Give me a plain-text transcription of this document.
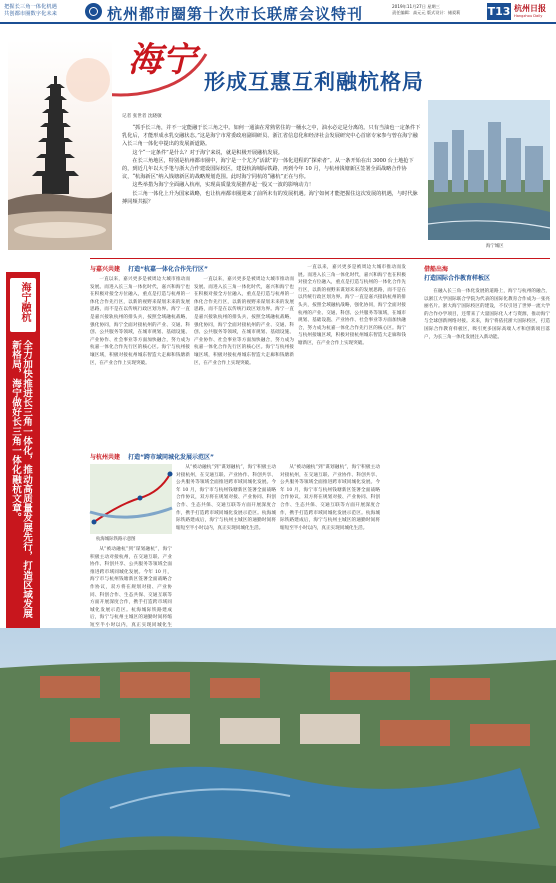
把握长三角一体化机遇
共创都市圈数字化未来	杭州都市圈第十次市长联席会议特刊	2019年11月27日 星期三
责任编辑：高元元 版式设计：储爱莉	T13 杭州日报
Hangzhou Daily
海宁
形成互惠互利融杭格局
记者 张世者 沈晓敏

“抓手长三角，并不一定能融于长三角之中。如何一通油在常熟常住的一桶水之中，油水必定是分离的。只有当油也一定条件下乳化后，才能形成水乳交融状态。”这是海宁市常委政府副调研员、浙江省信息化和经济社会发展研究中心首席专家参与曾在海宁融入长三角一体化中提出的发展新道路。

这个“一定条件”是什么？对于海宁来说，就是积极开展融杭发展。

在长三角地区，特别是杭州都市圈中，海宁是一个尤为“活跃”的一体化进程的“探索者”。从一条开始在出 3000 台土地抢下的，到近几年以大手笔与浙大合作建设国际校区，建设杭海城际铁路，再到今年 10 月，与杭州钱塘新区签署全面战略合作协议，“杭海新区”纳入钱塘新区的战略规划范围。此时海宁同杭的“融杭”正在与你。

这些举措为海宁全面融入杭州，实现高质量发展推荐起一股又一波的影响动力！

长三角一体化上升为国家战略，也让杭州都市圈迎来了前所未有的发展机遇。海宁如何才能把握住这次发展的机遇，与时代脉搏同频共振？

海宁城区
海宁融杭
全力加快推进长三角一体化，推动高质量发展先行，打造区域发展新格局，海宁做好长三角一体化融杭文章。
与嘉兴共建 打造“杭嘉一体化合作先行区”

一直以来，嘉兴更多是被周边大城市推动而发展。而进入长三角一体化时代，嘉兴和海宁也在积极对接全方位融入，重点是打造与杭州的一体化合作先行区，以新的视野来谋划未来的发展思路，而不是在以传统行政区划为界。海宁一直是嘉兴接轨杭州的排头兵，按照全域融杭战略，强化协同，海宁全面对接杭州的产业、交通、科创、公共服务等领域，在城市规划、基础设施、产业协作、社会事业等方面加快融合，努力成为杭嘉一体化合作先行区的核心区。海宁与杭州接壤区域，积极对接杭州城东智造大走廊和钱塘新区，在产业合作上实现突破。

一直以来，嘉兴更多是被周边大城市推动而发展。而进入长三角一体化时代，嘉兴和海宁也在积极对接全方位融入，重点是打造与杭州的一体化合作先行区，以新的视野来谋划未来的发展思路，而不是在以传统行政区划为界。海宁一直是嘉兴接轨杭州的排头兵，按照全域融杭战略，强化协同，海宁全面对接杭州的产业、交通、科创、公共服务等领域，在城市规划、基础设施、产业协作、社会事业等方面加快融合，努力成为杭嘉一体化合作先行区的核心区。海宁与杭州接壤区域，积极对接杭州城东智造大走廊和钱塘新区，在产业合作上实现突破。

一直以来，嘉兴更多是被周边大城市推动而发展。而进入长三角一体化时代，嘉兴和海宁也在积极对接全方位融入，重点是打造与杭州的一体化合作先行区，以新的视野来谋划未来的发展思路，而不是在以传统行政区划为界。海宁一直是嘉兴接轨杭州的排头兵，按照全域融杭战略，强化协同，海宁全面对接杭州的产业、交通、科创、公共服务等领域，在城市规划、基础设施、产业协作、社会事业等方面加快融合，努力成为杭嘉一体化合作先行区的核心区。海宁与杭州接壤区域，积极对接杭州城东智造大走廊和钱塘新区，在产业合作上实现突破。

借船出海
打造国际合作教育样板区

在融入长三角一体化发展的道路上，海宁与杭州的融合，以浙江大学国际联合学院为代表的国际化教育合作成为一张亮丽名片。浙大海宁国际校区的建设，不仅引进了世界一流大学的合作办学项目，还带来了大量国际化人才与资源，推动海宁与全球创新网络对接。未来，海宁将依托浙大国际校区，打造国际合作教育样板区，吸引更多国际高端人才和创新项目落户，为长三角一体化发展注入新动能。

与杭州共建 打造“跨市域同城化发展示范区”
杭海城际铁路示意图

从“被动融杭”到“谋划融杭”，海宁积极主动对接杭州，在交通互联、产业协作、科创共享、公共服务等领域全面推进跨市域同城化发展。今年 10 月，海宁市与杭州钱塘新区签署全面战略合作协议，双方将在规划对接、产业协同、科创合作、生态共保、交通互联等方面开展深度合作，携手打造跨市域同城化发展示范区。杭海城际铁路建成后，海宁与杭州主城区的通勤时间将缩短至半小时以内，真正实现同城化生

从“被动融杭”到“谋划融杭”，海宁积极主动对接杭州，在交通互联、产业协作、科创共享、公共服务等领域全面推进跨市域同城化发展。今年 10 月，海宁市与杭州钱塘新区签署全面战略合作协议，双方将在规划对接、产业协同、科创合作、生态共保、交通互联等方面开展深度合作，携手打造跨市域同城化发展示范区。杭海城际铁路建成后，海宁与杭州主城区的通勤时间将缩短至半小时以内，真正实现同城化生活。

从“被动融杭”到“谋划融杭”，海宁积极主动对接杭州，在交通互联、产业协作、科创共享、公共服务等领域全面推进跨市域同城化发展。今年 10 月，海宁市与杭州钱塘新区签署全面战略合作协议，双方将在规划对接、产业协同、科创合作、生态共保、交通互联等方面开展深度合作，携手打造跨市域同城化发展示范区。杭海城际铁路建成后，海宁与杭州主城区的通勤时间将缩短至半小时以内，真正实现同城化生活。
